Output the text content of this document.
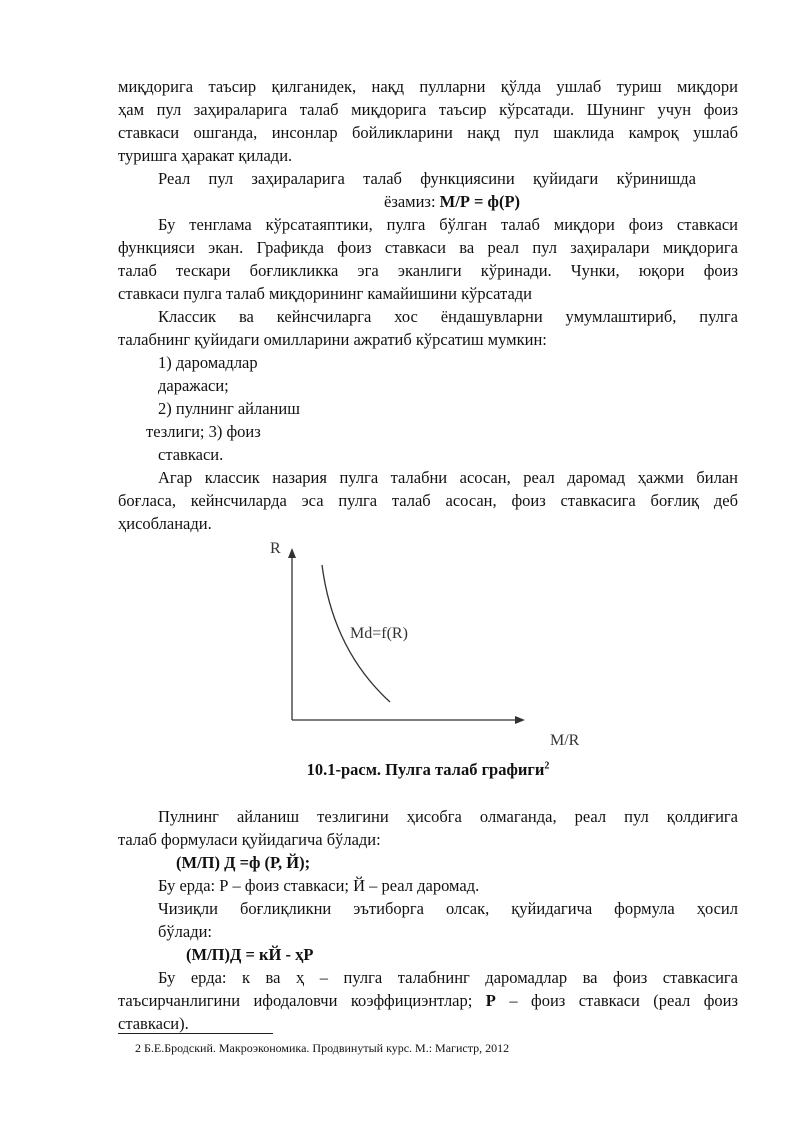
миқдорига таъсир қилганидек, нақд пулларни қўлда ушлаб туриш миқдори
ҳам пул заҳираларига талаб миқдорига таъсир кўрсатади. Шунинг учун фоиз
ставкаси ошганда, инсонлар бойликларини нақд пул шаклида камроқ ушлаб
туришга ҳаракат қилади.
Реал пул заҳираларига талаб функциясини қуйидаги кўринишда
ёзамиз: М/Р = ф(Р)
Бу тенглама кўрсатаяптики, пулга бўлган талаб миқдори фоиз ставкаси
функцияси экан. Графикда фоиз ставкаси ва реал пул заҳиралари миқдорига
талаб тескари боғликликка эга эканлиги кўринади. Чунки, юқори фоиз
ставкаси пулга талаб миқдорининг камайишини кўрсатади
Классик ва кейнсчиларга хос ёндашувларни умумлаштириб, пулга
талабнинг қуйидаги омилларини ажратиб кўрсатиш мумкин:
1) даромадлар
даражаси;
2) пулнинг айланиш
тезлиги; 3) фоиз
ставкаси.
Агар классик назария пулга талабни асосан, реал даромад ҳажми билан
боғласа, кейнсчиларда эса пулга талаб асосан, фоиз ставкасига боғлиқ деб
ҳисобланади.
R
M/R
Md=f(R)
10.1-расм. Пулга талаб графиги$^2$
Пулнинг айланиш тезлигини ҳисобга олмаганда, реал пул қолдиғига
талаб формуласи қуйидагича бўлади:
(М/П) Д =ф (Р, Й);
Бу ерда: Р – фоиз ставкаси; Й – реал даромад.
Чизиқли боғлиқликни эътиборга олсак, қуйидагича формула ҳосил
бўлади:
(М/П)Д = кЙ - ҳР
Бу ерда: к ва ҳ – пулга талабнинг даромадлар ва фоиз ставкасига
таъсирчанлигини ифодаловчи коэффициэнтлар; Р – фоиз ставкаси (реал фоиз
ставкаси).
2 Б.Е.Бродский. Макроэкономика. Продвинутый курс. М.: Магистр, 2012
